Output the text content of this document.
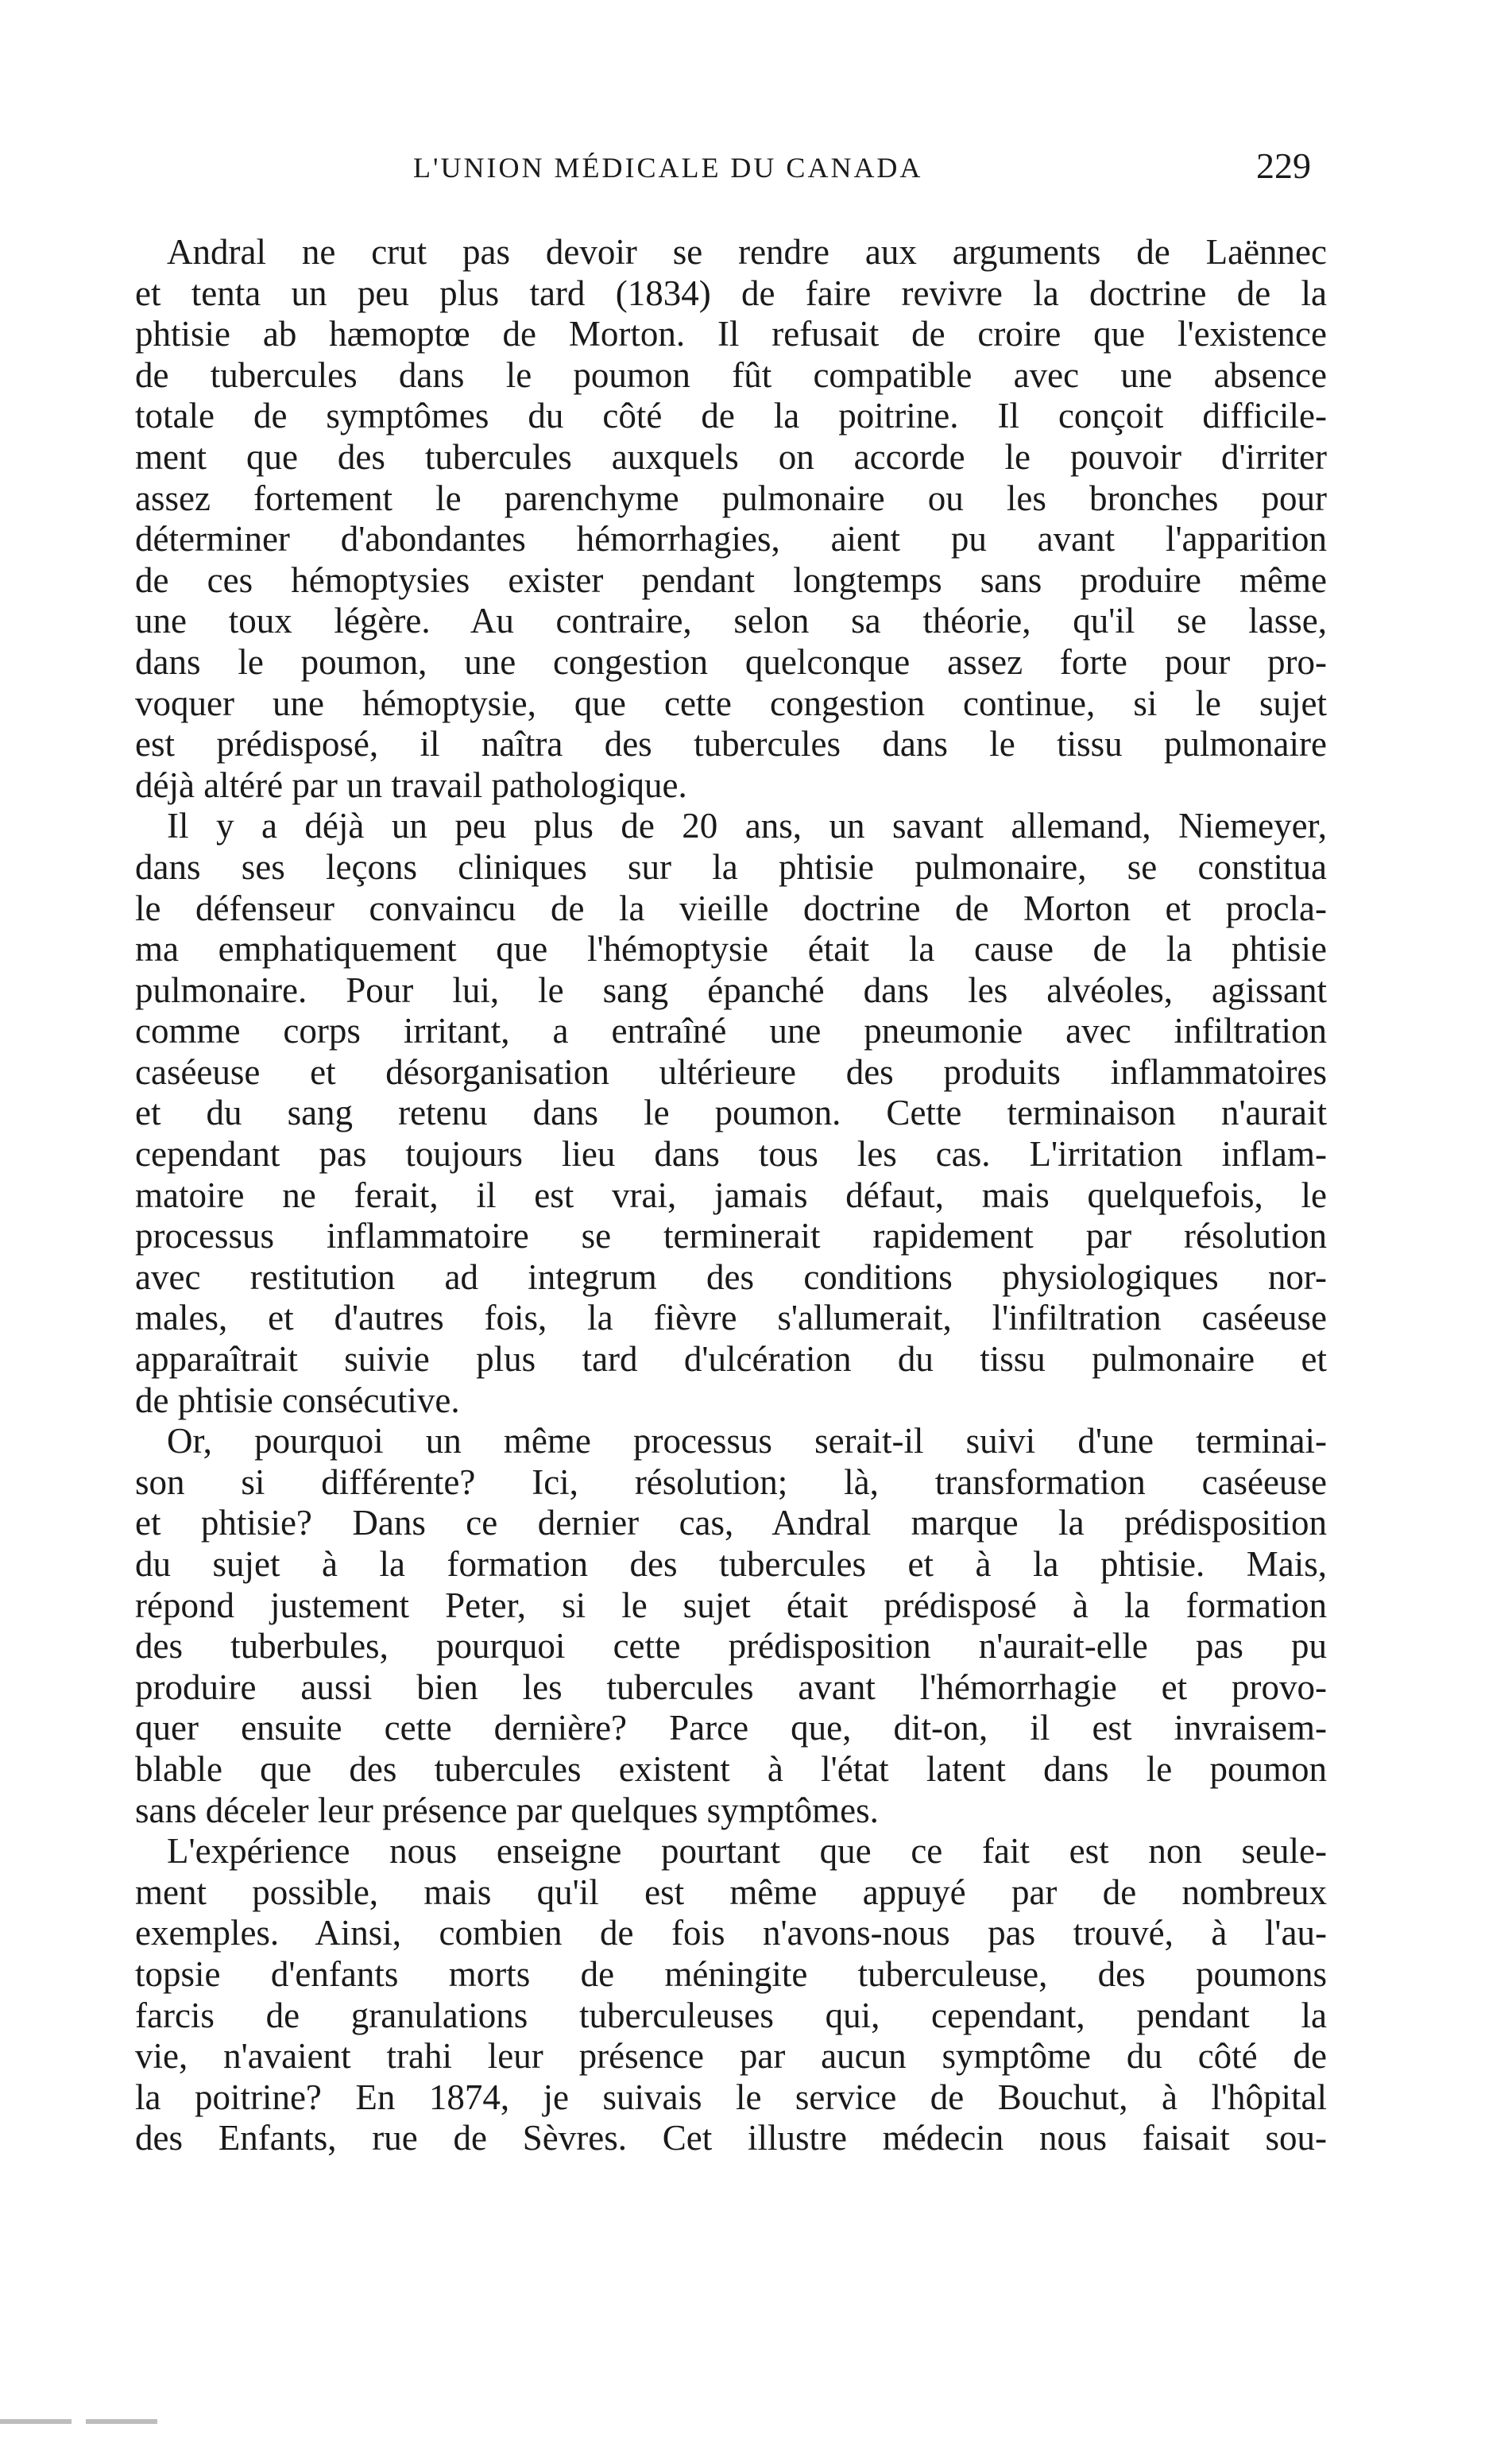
L'UNION MÉDICALE DU CANADA	229
Andral ne crut pas devoir se rendre aux arguments de Laënnec
et tenta un peu plus tard (1834) de faire revivre la doctrine de la
phtisie ab hæmoptœ de Morton. Il refusait de croire que l'existence
de tubercules dans le poumon fût compatible avec une absence
totale de symptômes du côté de la poitrine. Il conçoit difficile-
ment que des tubercules auxquels on accorde le pouvoir d'irriter
assez fortement le parenchyme pulmonaire ou les bronches pour
déterminer d'abondantes hémorrhagies, aient pu avant l'apparition
de ces hémoptysies exister pendant longtemps sans produire même
une toux légère. Au contraire, selon sa théorie, qu'il se lasse,
dans le poumon, une congestion quelconque assez forte pour pro-
voquer une hémoptysie, que cette congestion continue, si le sujet
est prédisposé, il naîtra des tubercules dans le tissu pulmonaire
déjà altéré par un travail pathologique.
Il y a déjà un peu plus de 20 ans, un savant allemand, Niemeyer,
dans ses leçons cliniques sur la phtisie pulmonaire, se constitua
le défenseur convaincu de la vieille doctrine de Morton et procla-
ma emphatiquement que l'hémoptysie était la cause de la phtisie
pulmonaire. Pour lui, le sang épanché dans les alvéoles, agissant
comme corps irritant, a entraîné une pneumonie avec infiltration
caséeuse et désorganisation ultérieure des produits inflammatoires
et du sang retenu dans le poumon. Cette terminaison n'aurait
cependant pas toujours lieu dans tous les cas. L'irritation inflam-
matoire ne ferait, il est vrai, jamais défaut, mais quelquefois, le
processus inflammatoire se terminerait rapidement par résolution
avec restitution ad integrum des conditions physiologiques nor-
males, et d'autres fois, la fièvre s'allumerait, l'infiltration caséeuse
apparaîtrait suivie plus tard d'ulcération du tissu pulmonaire et
de phtisie consécutive.
Or, pourquoi un même processus serait-il suivi d'une terminai-
son si différente? Ici, résolution; là, transformation caséeuse
et phtisie? Dans ce dernier cas, Andral marque la prédisposition
du sujet à la formation des tubercules et à la phtisie. Mais,
répond justement Peter, si le sujet était prédisposé à la formation
des tuberbules, pourquoi cette prédisposition n'aurait-elle pas pu
produire aussi bien les tubercules avant l'hémorrhagie et provo-
quer ensuite cette dernière? Parce que, dit-on, il est invraisem-
blable que des tubercules existent à l'état latent dans le poumon
sans déceler leur présence par quelques symptômes.
L'expérience nous enseigne pourtant que ce fait est non seule-
ment possible, mais qu'il est même appuyé par de nombreux
exemples. Ainsi, combien de fois n'avons-nous pas trouvé, à l'au-
topsie d'enfants morts de méningite tuberculeuse, des poumons
farcis de granulations tuberculeuses qui, cependant, pendant la
vie, n'avaient trahi leur présence par aucun symptôme du côté de
la poitrine? En 1874, je suivais le service de Bouchut, à l'hôpital
des Enfants, rue de Sèvres. Cet illustre médecin nous faisait sou-
